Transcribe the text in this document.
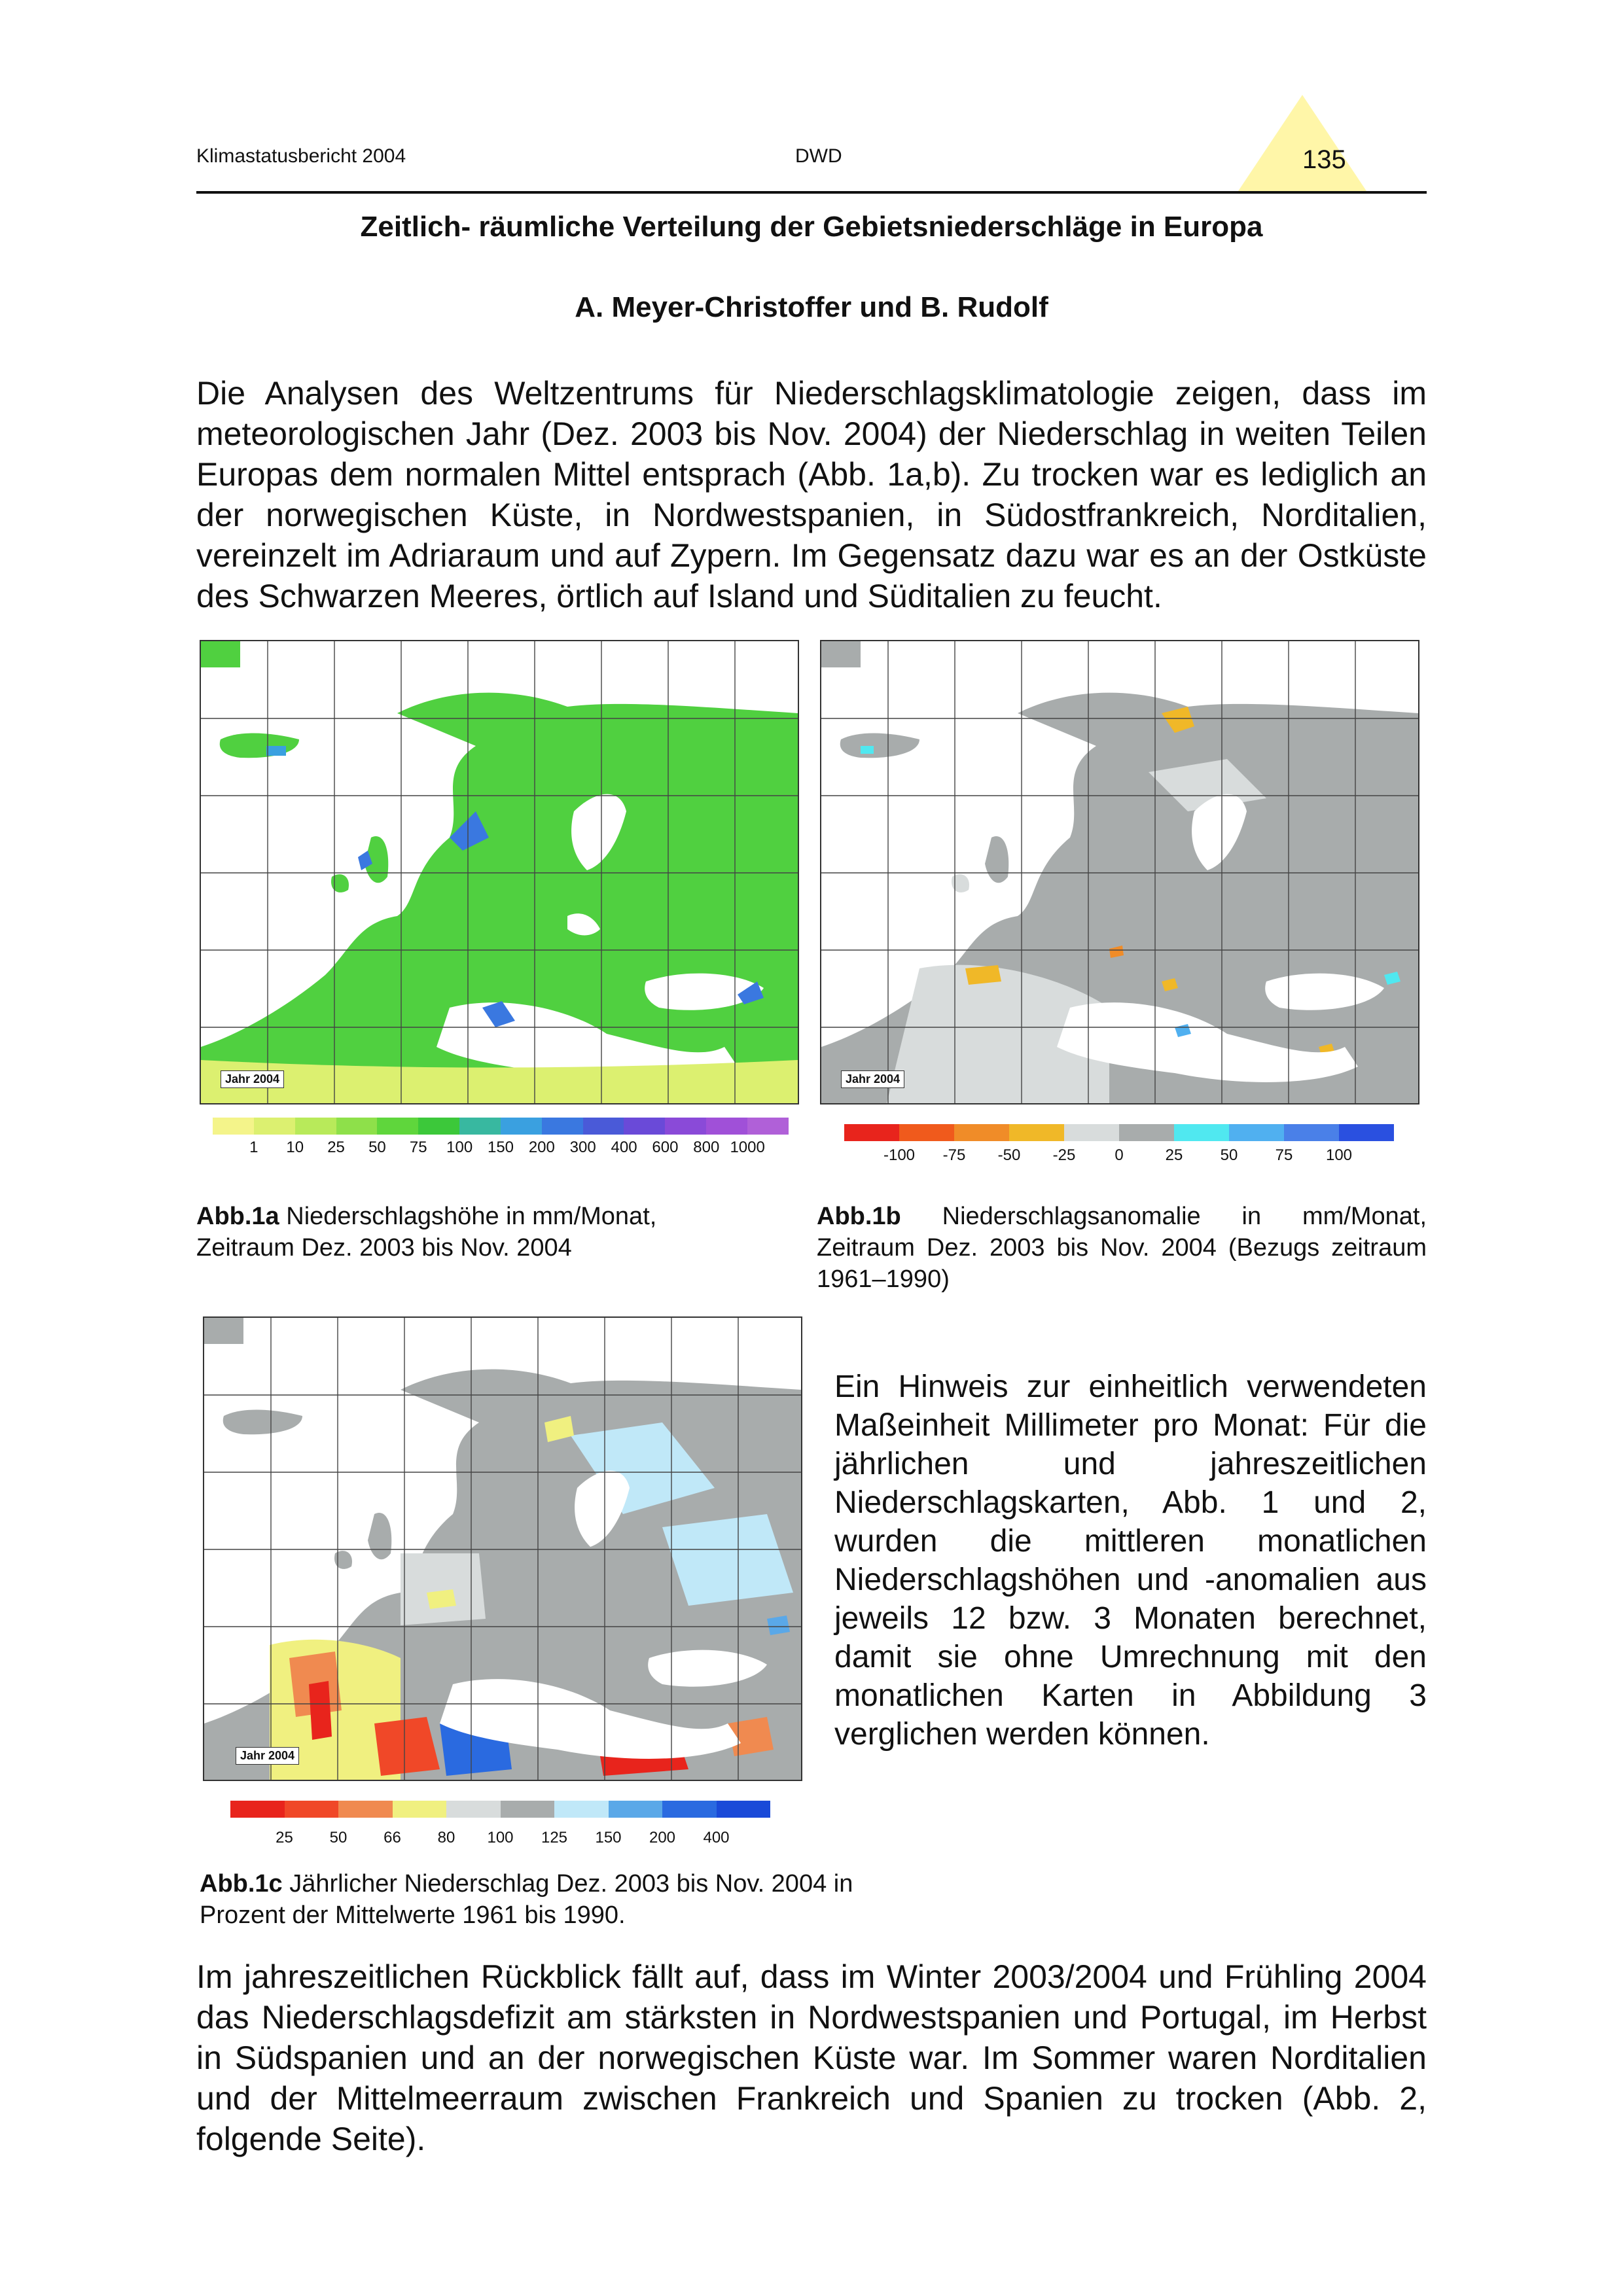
Klimastatusbericht 2004	DWD	135
Zeitlich- räumliche Verteilung der Gebietsniederschläge in Europa
A. Meyer-Christoffer und B. Rudolf

Die Analysen des Weltzentrums für Niederschlagsklimatologie zeigen, dass im meteorologischen Jahr (Dez. 2003 bis Nov. 2004) der Niederschlag in weiten Teilen Europas dem normalen Mittel entsprach (Abb. 1a,b). Zu trocken war es lediglich an der norwegischen Küste, in Nordwestspanien, in Südostfrankreich, Norditalien, vereinzelt im Adriaraum und auf Zypern. Im Gegensatz dazu war es an der Ostküste des Schwarzen Meeres, örtlich auf Island und Süditalien zu feucht.

Jahr 2004
1 10 25 50 75 100 150 200 300 400 600 800 1000
Jahr 2004
-100 -75 -50 -25 0	25 50 75 100

Abb.1a Niederschlagshöhe in mm/Monat, Zeitraum Dez. 2003 bis Nov. 2004

Abb.1b Niederschlagsanomalie in mm/Monat, Zeitraum Dez. 2003 bis Nov. 2004 (Bezugs zeitraum 1961–1990)

Jahr 2004
25 50 66 80 100 125 150 200 400

Ein Hinweis zur einheitlich verwendeten Maßeinheit Millimeter pro Monat: Für die jährlichen und jahreszeitlichen Niederschlagskarten, Abb. 1 und 2, wurden die mittleren monatlichen Niederschlagshöhen und -anomalien aus jeweils 12 bzw. 3 Monaten berechnet, damit sie ohne Umrechnung mit den monatlichen Karten in Abbildung 3 verglichen werden können.

Abb.1c Jährlicher Niederschlag Dez. 2003 bis Nov. 2004 in Prozent der Mittelwerte 1961 bis 1990.

Im jahreszeitlichen Rückblick fällt auf, dass im Winter 2003/2004 und Frühling 2004 das Niederschlagsdefizit am stärksten in Nordwestspanien und Portugal, im Herbst in Südspanien und an der norwegischen Küste war. Im Sommer waren Norditalien und der Mittelmeerraum zwischen Frankreich und Spanien zu trocken (Abb. 2, folgende Seite).
